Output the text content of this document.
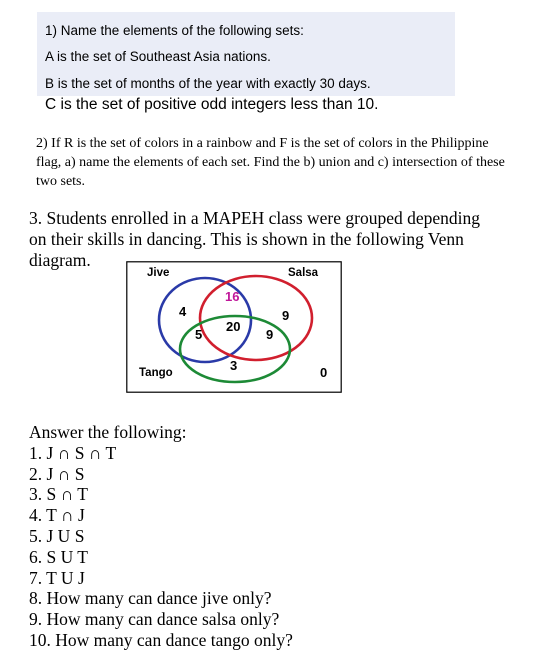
1) Name the elements of the following sets:
A is the set of Southeast Asia nations.
B is the set of months of the year with exactly 30 days.
C is the set of positive odd integers less than 10.
2) If R is the set of colors in a rainbow and F is the set of colors in the Philippine flag, a) name the elements of each set. Find the b) union and c) intersection of these two sets.
3. Students enrolled in a MAPEH class were grouped depending
on their skills in dancing. This is shown in the following Venn
diagram.
Jive	Salsa
Tango
16
4	9
20
5	9
3	0
Answer the following:
1. J ∩ S ∩ T
2. J ∩ S
3. S ∩ T
4. T ∩ J
5. J U S
6. S U T
7. T U J
8. How many can dance jive only?
9. How many can dance salsa only?
10. How many can dance tango only?
